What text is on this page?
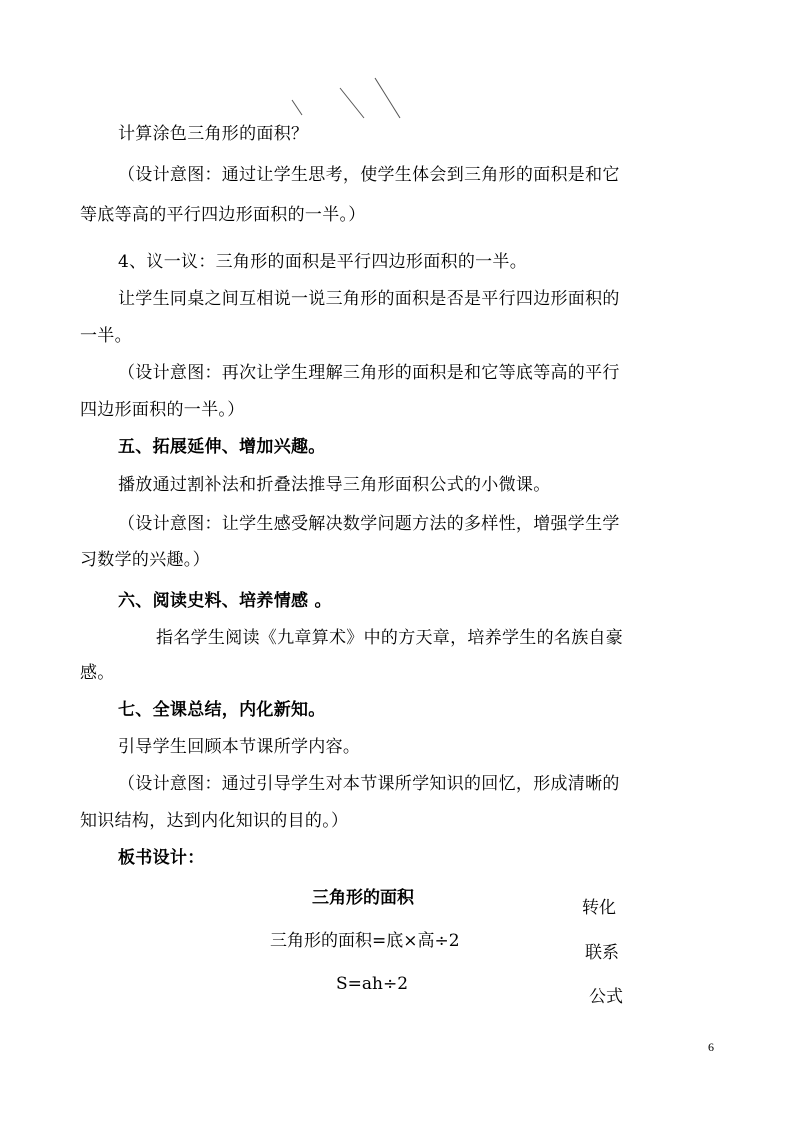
计算涂色三角形的面积？
（设计意图：通过让学生思考，使学生体会到三角形的面积是和它
等底等高的平行四边形面积的一半。）
4、议一议：三角形的面积是平行四边形面积的一半。
让学生同桌之间互相说一说三角形的面积是否是平行四边形面积的
一半。
（设计意图：再次让学生理解三角形的面积是和它等底等高的平行
四边形面积的一半。）
五、拓展延伸、增加兴趣。
播放通过割补法和折叠法推导三角形面积公式的小微课。
（设计意图：让学生感受解决数学问题方法的多样性，增强学生学
习数学的兴趣。）
六、阅读史料、培养情感 。
指名学生阅读《九章算术》中的方天章，培养学生的名族自豪
感。
七、全课总结，内化新知。
引导学生回顾本节课所学内容。
（设计意图：通过引导学生对本节课所学知识的回忆，形成清晰的
知识结构，达到内化知识的目的。）
板书设计：
三角形的面积
三角形的面积=底×高÷2
S=ah÷2
转化
联系
公式
6
